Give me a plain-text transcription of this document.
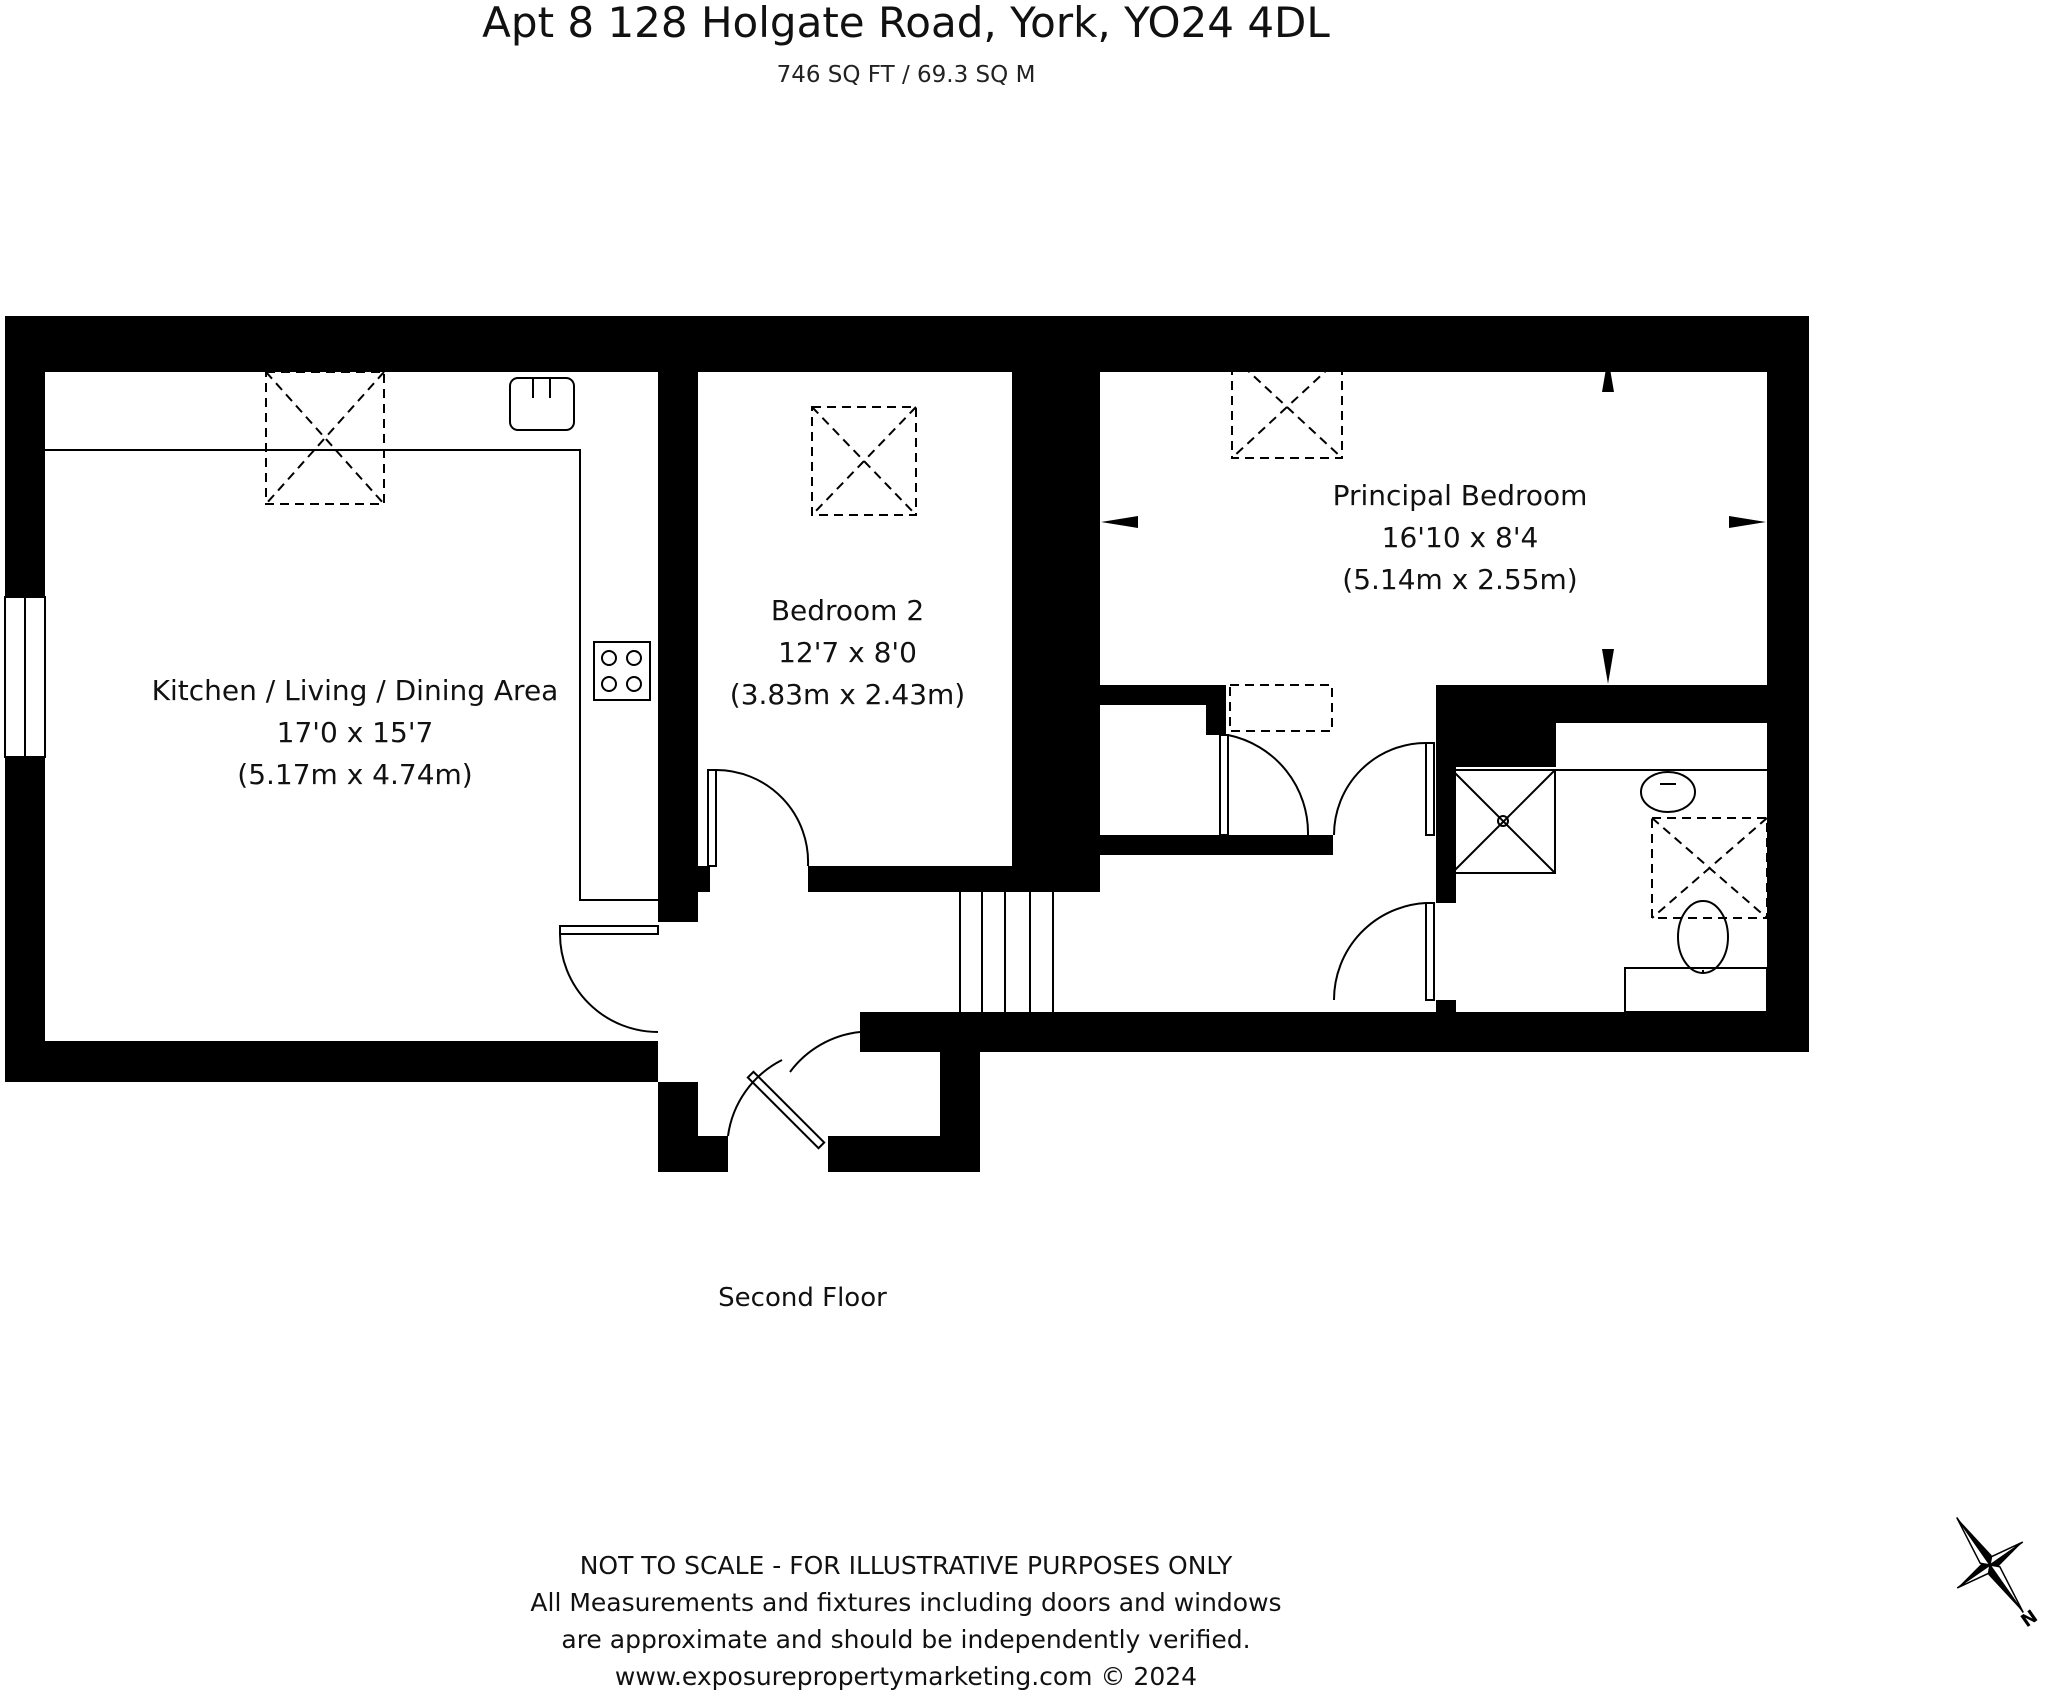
Apt 8 128 Holgate Road, York, YO24 4DL
746 SQ FT / 69.3 SQ M
Kitchen / Living / Dining Area
17'0 x 15'7
(5.17m x 4.74m)
Bedroom 2
12'7 x 8'0
(3.83m x 2.43m)
Principal Bedroom
16'10 x 8'4
(5.14m x 2.55m)
Second Floor
NOT TO SCALE - FOR ILLUSTRATIVE PURPOSES ONLY
All Measurements and fixtures including doors and windows
are approximate and should be independently verified.
www.exposurepropertymarketing.com © 2024
N
